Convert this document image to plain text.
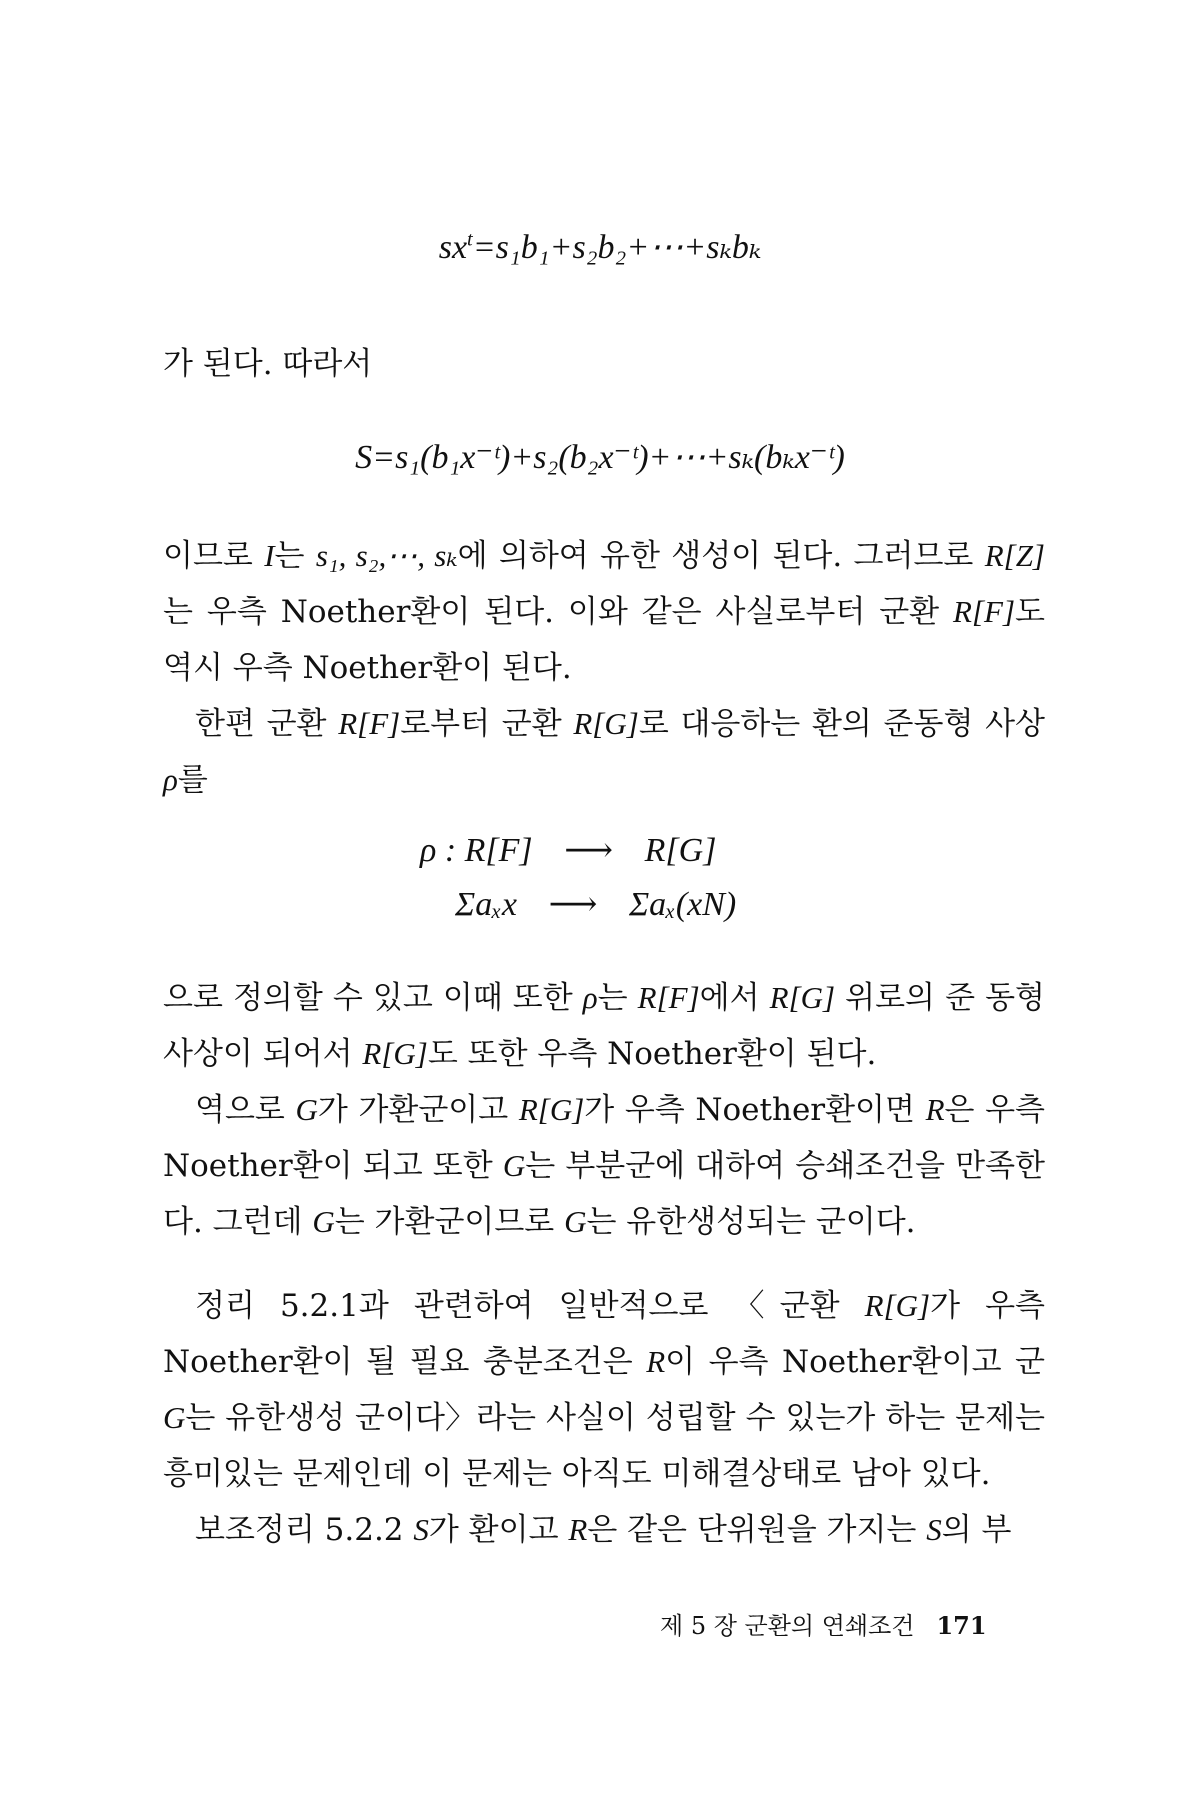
$sx^t=s_1b_1+s_2b_2+\cdots+s_kb_k$

가 된다. 따라서

S=s₁(b₁x⁻ᵗ)+s₂(b₂x⁻ᵗ)+⋯+sₖ(bₖx⁻ᵗ)

이므로 I는 s₁, s₂,⋯, sₖ에 의하여 유한 생성이 된다. 그러므로 R[Z]는 우측 Noether환이 된다. 이와 같은 사실로부터 군환 R[F]도 역시 우측 Noether환이 된다.

한편 군환 R[F]로부터 군환 R[G]로 대응하는 환의 준동형 사상 ρ를

ρ : R[F] ⟶ R[G]
Σaₓx ⟶ Σaₓ(xN)

으로 정의할 수 있고 이때 또한 ρ는 R[F]에서 R[G] 위로의 준 동형사상이 되어서 R[G]도 또한 우측 Noether환이 된다.

역으로 G가 가환군이고 R[G]가 우측 Noether환이면 R은 우측 Noether환이 되고 또한 G는 부분군에 대하여 승쇄조건을 만족한다. 그런데 G는 가환군이므로 G는 유한생성되는 군이다.

정리 5.2.1과 관련하여 일반적으로 〈군환 R[G]가 우측 Noether환이 될 필요 충분조건은 R이 우측 Noether환이고 군 G는 유한생성 군이다〉라는 사실이 성립할 수 있는가 하는 문제는 흥미있는 문제인데 이 문제는 아직도 미해결상태로 남아 있다.

보조정리 5.2.2 S가 환이고 R은 같은 단위원을 가지는 S의 부

제 5 장 군환의 연쇄조건 171
